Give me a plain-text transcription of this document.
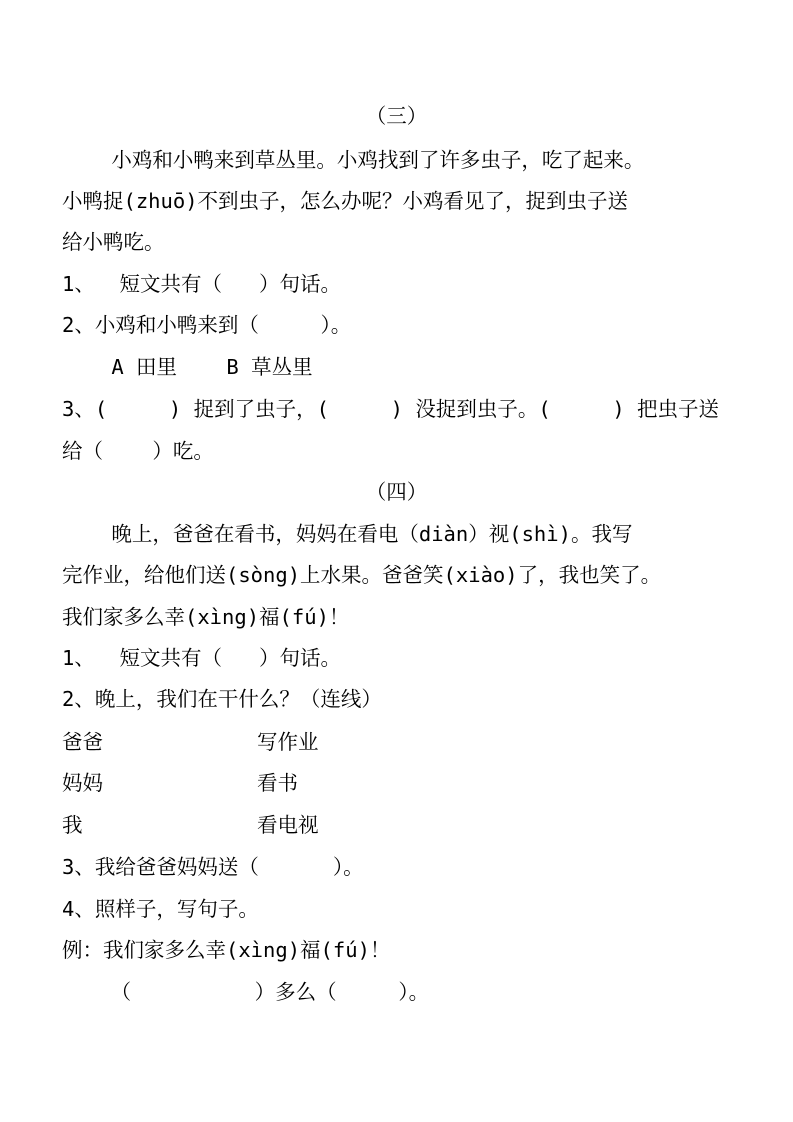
（三）
小鸡和小鸭来到草丛里。小鸡找到了许多虫子，吃了起来。
小鸭捉(zhuō)不到虫子，怎么办呢？小鸡看见了，捉到虫子送
给小鸭吃。
1、  短文共有（   ）句话。
2、小鸡和小鸭来到（     ）。
A 田里    B 草丛里
3、(     ) 捉到了虫子，(     ) 没捉到虫子。(     ) 把虫子送
给（    ）吃。
（四）
晚上，爸爸在看书，妈妈在看电（diàn）视(shì)。我写
完作业，给他们送(sòng)上水果。爸爸笑(xiào)了，我也笑了。
我们家多么幸(xìng)福(fú)！
1、  短文共有（   ）句话。
2、晚上，我们在干什么？（连线）
爸爸	写作业
妈妈	看书
我	看电视
3、我给爸爸妈妈送（      ）。
4、照样子，写句子。
例：我们家多么幸(xìng)福(fú)！
（          ）多么（     ）。
